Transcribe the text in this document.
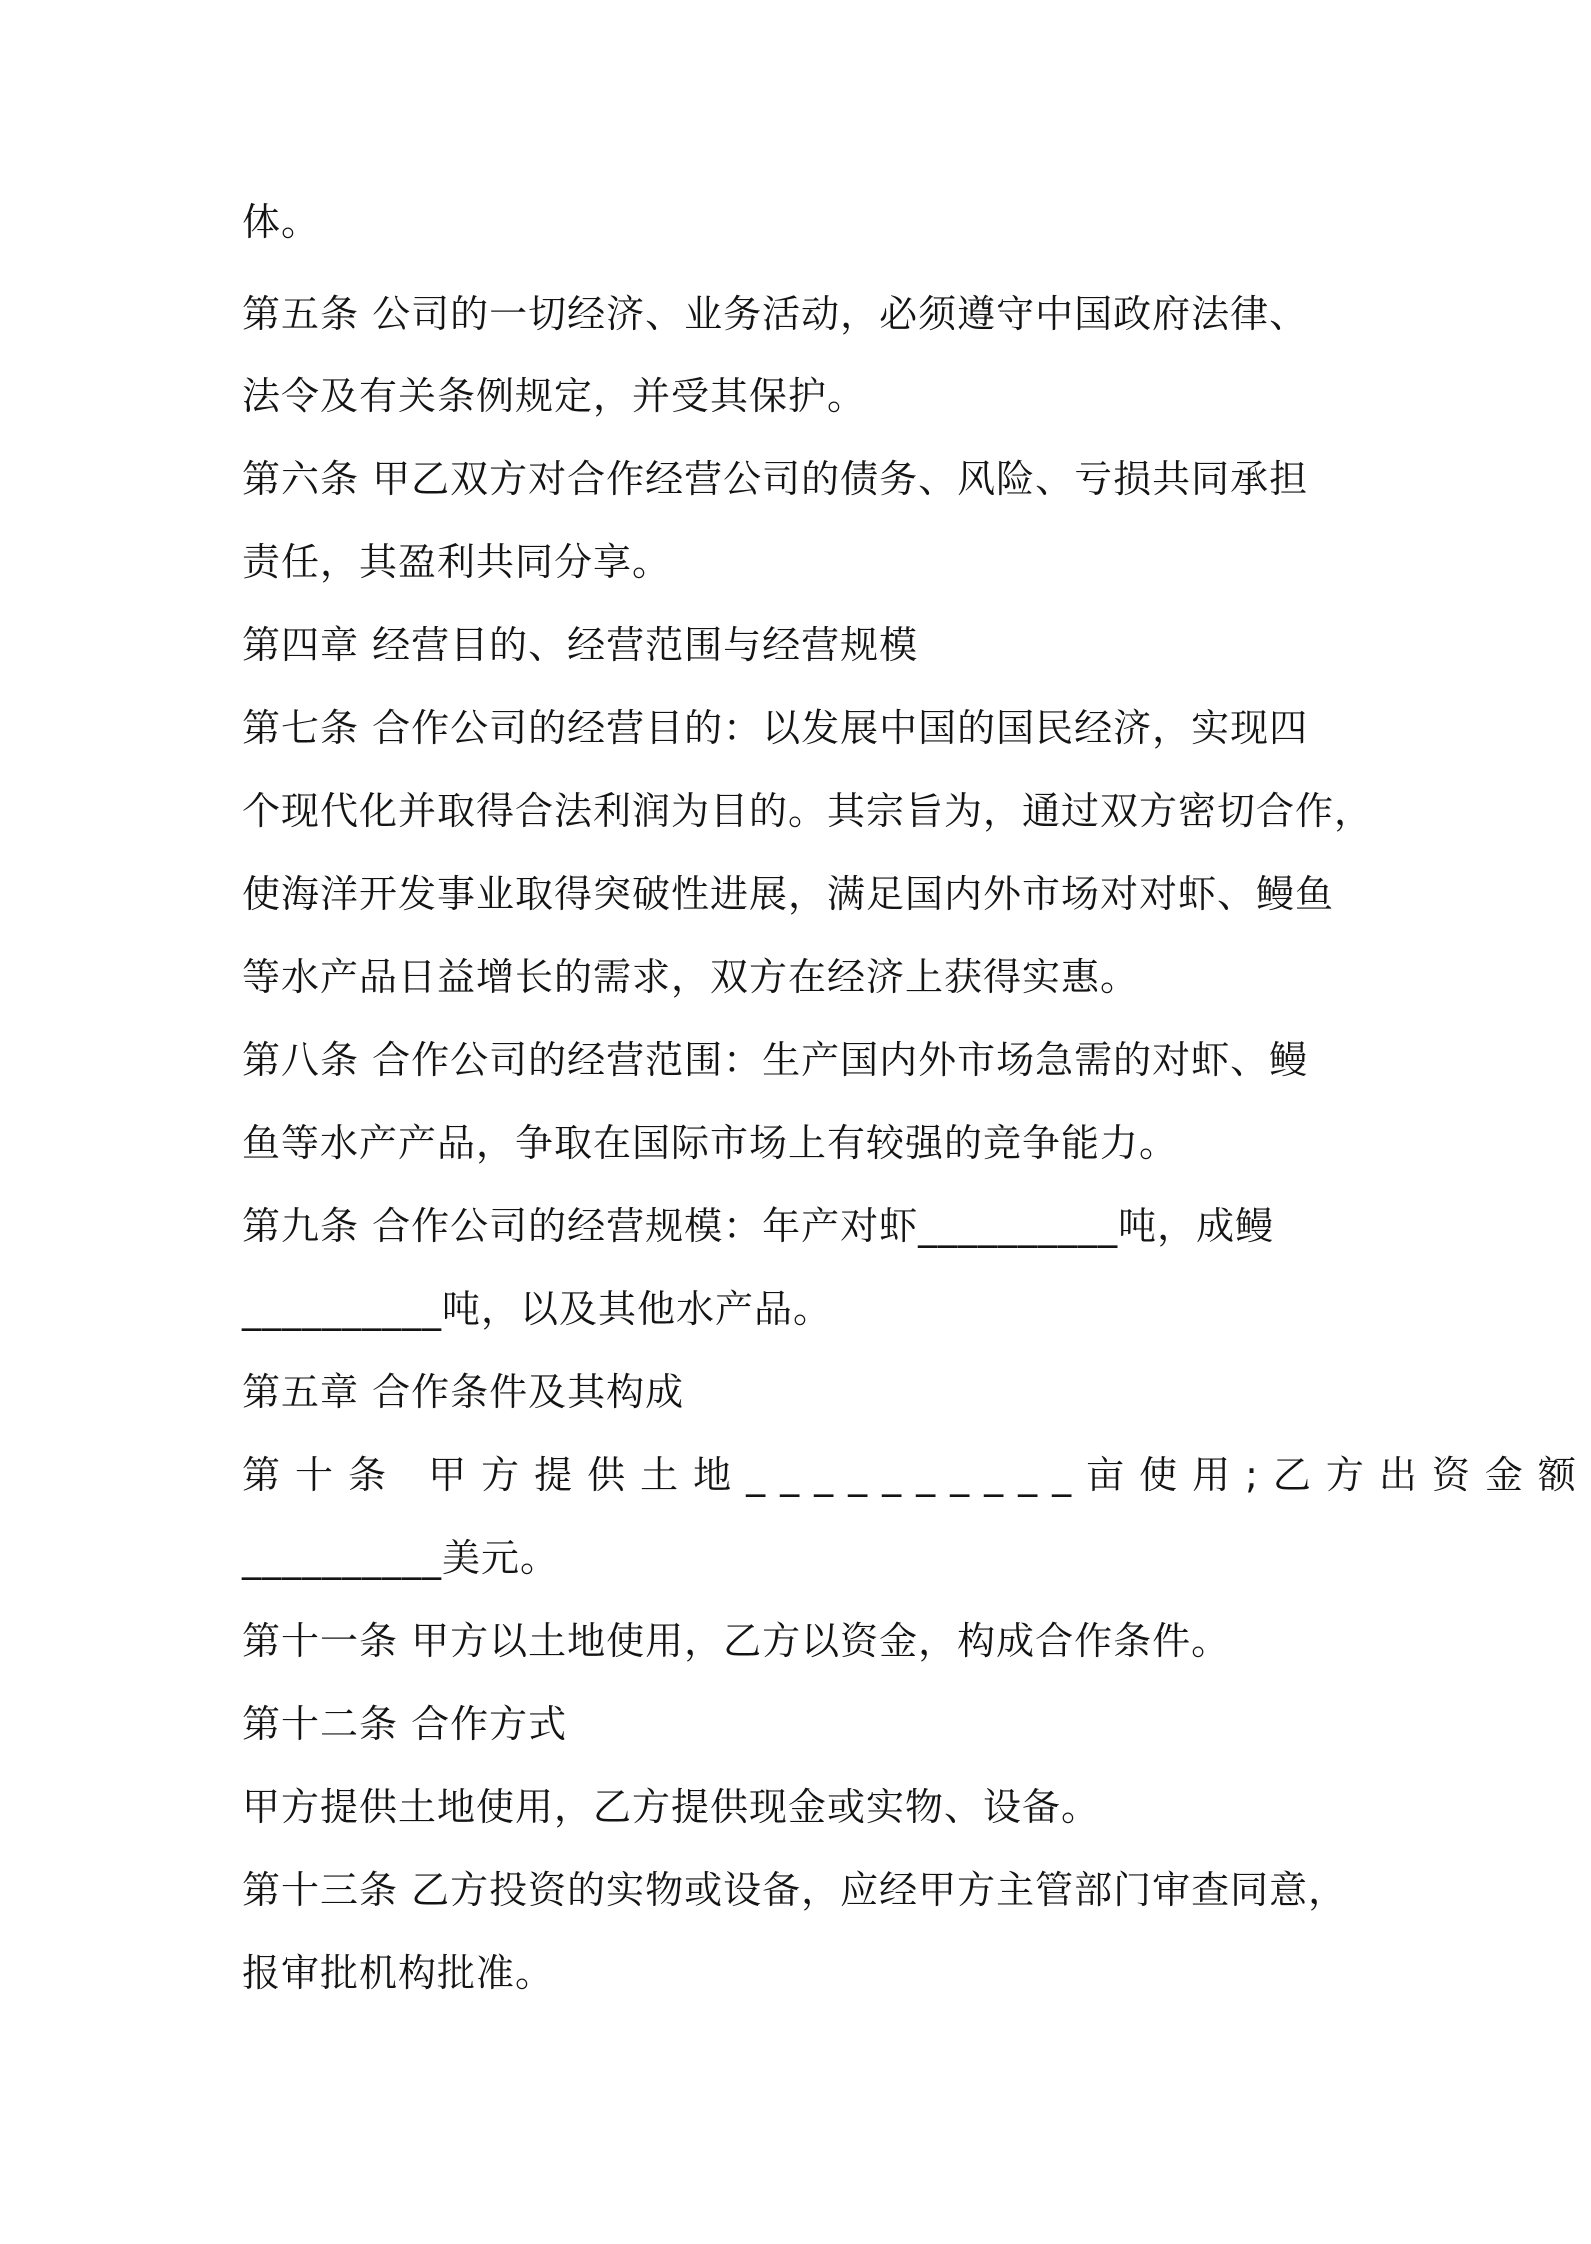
体。
第五条 公司的一切经济、业务活动，必须遵守中国政府法律、
法令及有关条例规定，并受其保护。
第六条 甲乙双方对合作经营公司的债务、风险、亏损共同承担
责任，其盈利共同分享。
第四章 经营目的、经营范围与经营规模
第七条 合作公司的经营目的：以发展中国的国民经济，实现四
个现代化并取得合法利润为目的。其宗旨为，通过双方密切合作，
使海洋开发事业取得突破性进展，满足国内外市场对对虾、鳗鱼
等水产品日益增长的需求，双方在经济上获得实惠。
第八条 合作公司的经营范围：生产国内外市场急需的对虾、鳗
鱼等水产产品，争取在国际市场上有较强的竞争能力。
第九条 合作公司的经营规模：年产对虾__________吨，成鳗
__________吨，以及其他水产品。
第五章 合作条件及其构成
第十条 甲方提供土地__________亩使用;乙方出资金额
__________美元。
第十一条 甲方以土地使用，乙方以资金，构成合作条件。
第十二条 合作方式
甲方提供土地使用，乙方提供现金或实物、设备。
第十三条 乙方投资的实物或设备，应经甲方主管部门审查同意，
报审批机构批准。
